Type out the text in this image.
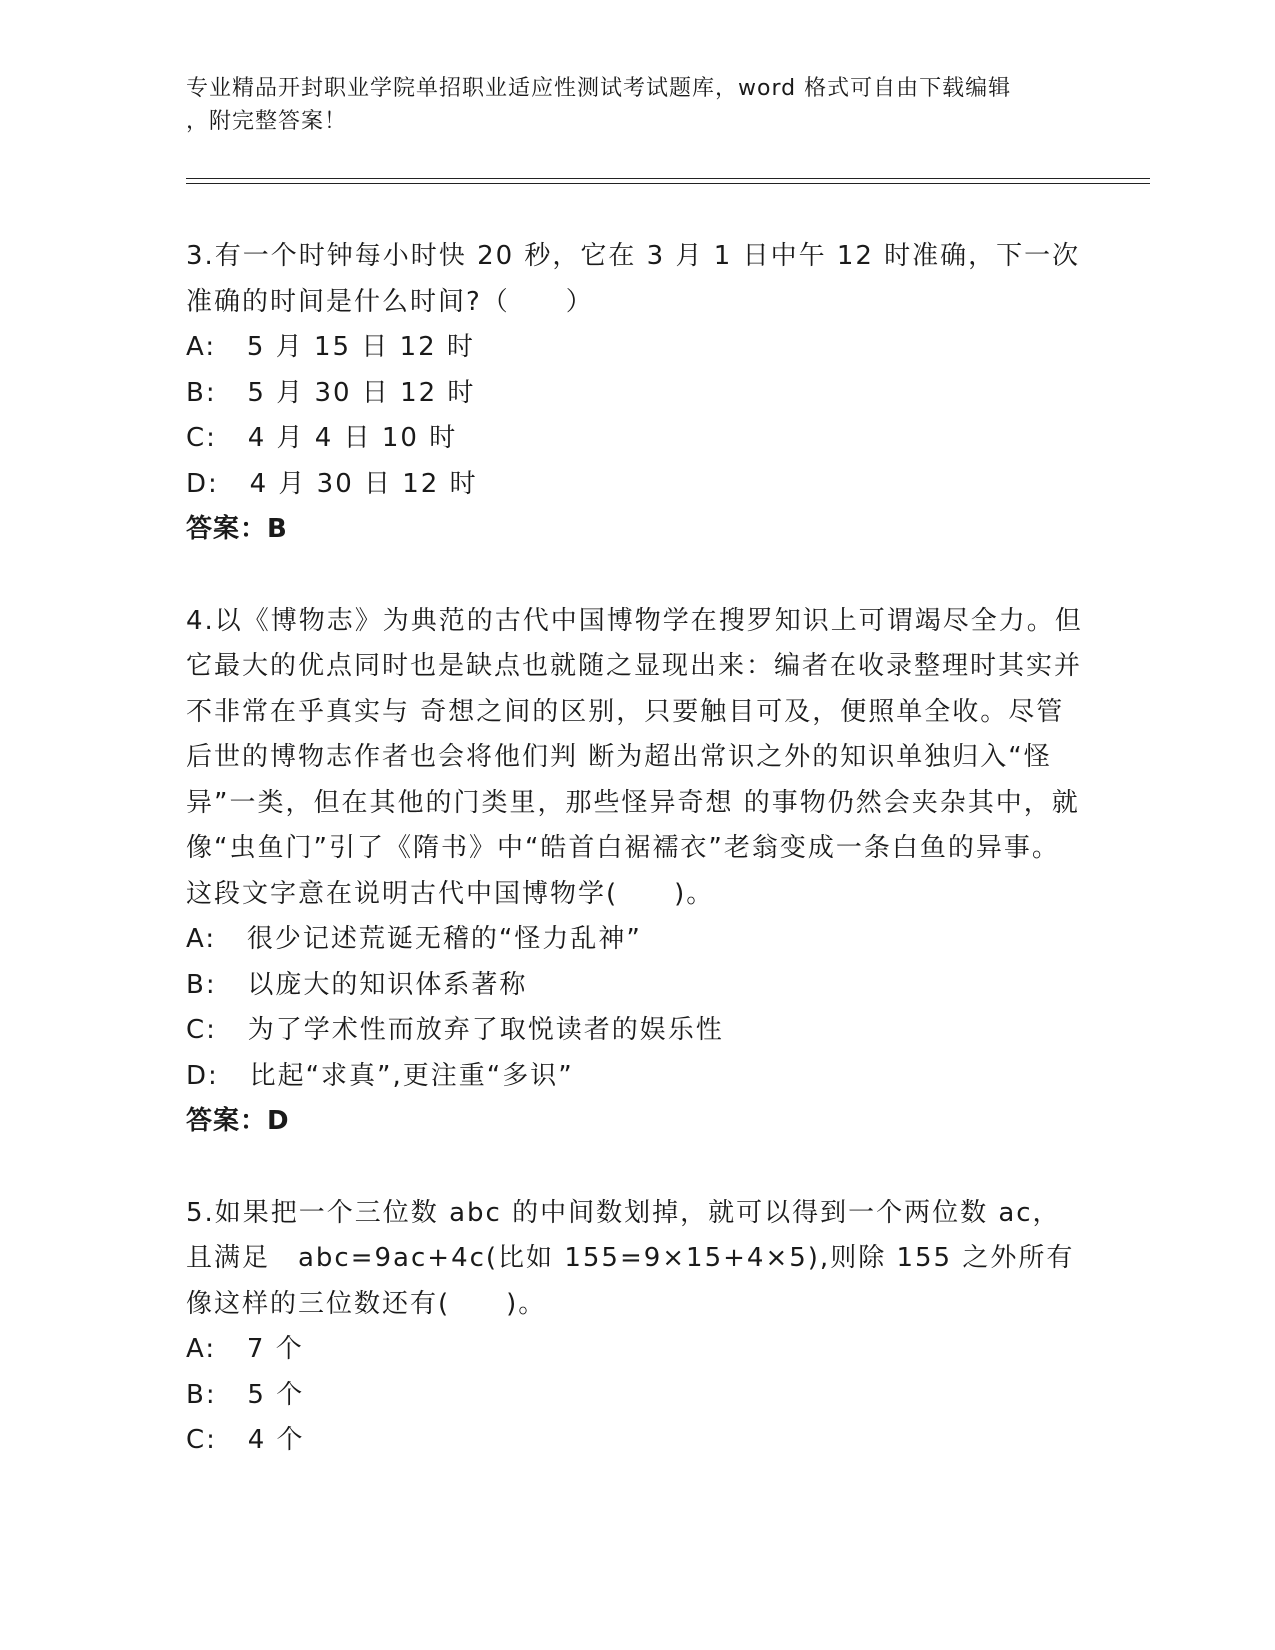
专业精品开封职业学院单招职业适应性测试考试题库，word 格式可自由下载编辑
，附完整答案！
3.有一个时钟每小时快 20 秒，它在 3 月 1 日中午 12 时准确，下一次准确的时间是什么时间?（　　）
A:   5 月 15 日 12 时
B:   5 月 30 日 12 时
C:   4 月 4 日 10 时
D:   4 月 30 日 12 时
答案：B
4.以《博物志》为典范的古代中国博物学在搜罗知识上可谓竭尽全力。但它最大的优点同时也是缺点也就随之显现出来：编者在收录整理时其实并不非常在乎真实与 奇想之间的区别，只要触目可及，便照单全收。尽管后世的博物志作者也会将他们判 断为超出常识之外的知识单独归入“怪异”一类，但在其他的门类里，那些怪异奇想 的事物仍然会夹杂其中，就像“虫鱼门”引了《隋书》中“皓首白裾襦衣”老翁变成一条白鱼的异事。这段文字意在说明古代中国博物学(　　)。
A:   很少记述荒诞无稽的“怪力乱神”
B:   以庞大的知识体系著称
C:   为了学术性而放弃了取悦读者的娱乐性
D:   比起“求真”,更注重“多识”
答案：D
5.如果把一个三位数 abc 的中间数划掉，就可以得到一个两位数 ac，且满足　abc=9ac+4c(比如 155=9×15+4×5),则除 155 之外所有像这样的三位数还有(　　)。
A:   7 个
B:   5 个
C:   4 个
